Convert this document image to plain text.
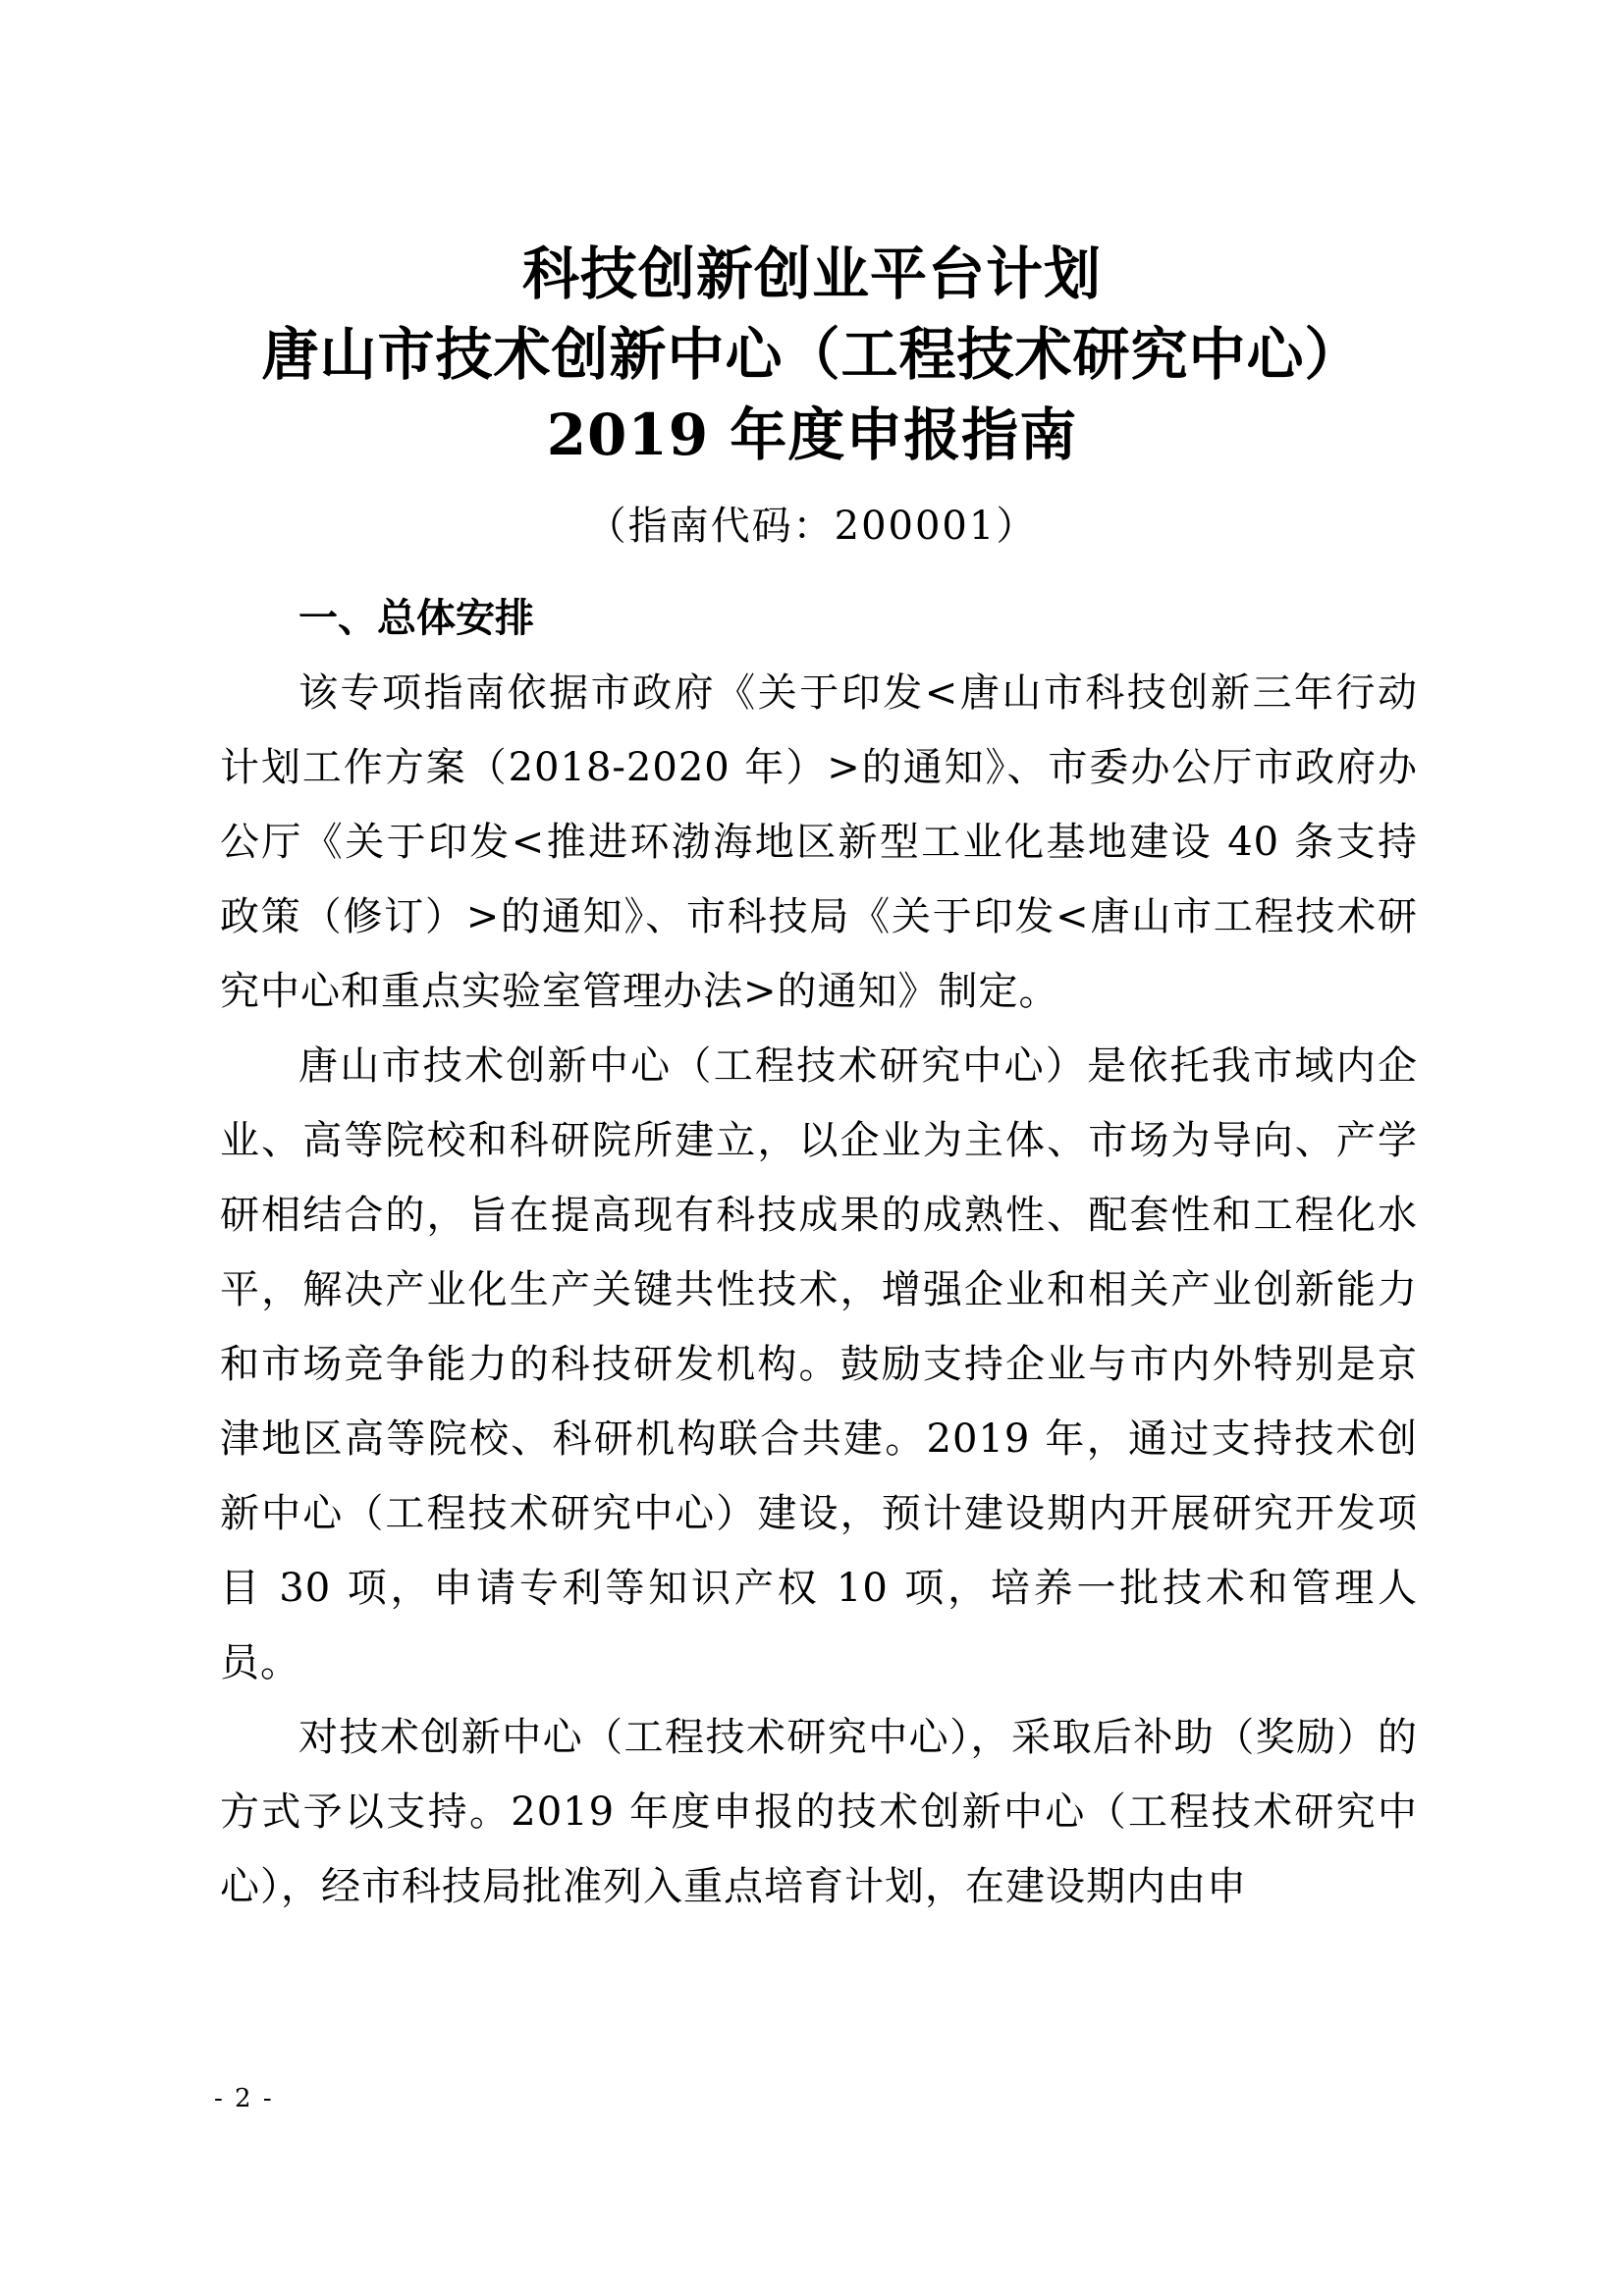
科技创新创业平台计划
唐山市技术创新中心（工程技术研究中心）
2019 年度申报指南
（指南代码：200001）
一、总体安排

该专项指南依据市政府《关于印发<唐山市科技创新三年行动计划工作方案（2018-2020 年）>的通知》、市委办公厅市政府办公厅《关于印发<推进环渤海地区新型工业化基地建设 40 条支持政策（修订）>的通知》、市科技局《关于印发<唐山市工程技术研究中心和重点实验室管理办法>的通知》制定。

唐山市技术创新中心（工程技术研究中心）是依托我市域内企业、高等院校和科研院所建立，以企业为主体、市场为导向、产学研相结合的，旨在提高现有科技成果的成熟性、配套性和工程化水平，解决产业化生产关键共性技术，增强企业和相关产业创新能力和市场竞争能力的科技研发机构。鼓励支持企业与市内外特别是京津地区高等院校、科研机构联合共建。2019 年，通过支持技术创新中心（工程技术研究中心）建设，预计建设期内开展研究开发项目 30 项，申请专利等知识产权 10 项，培养一批技术和管理人员。

对技术创新中心（工程技术研究中心），采取后补助（奖励）的方式予以支持。2019 年度申报的技术创新中心（工程技术研究中心），经市科技局批准列入重点培育计划，在建设期内由申

- 2 -
